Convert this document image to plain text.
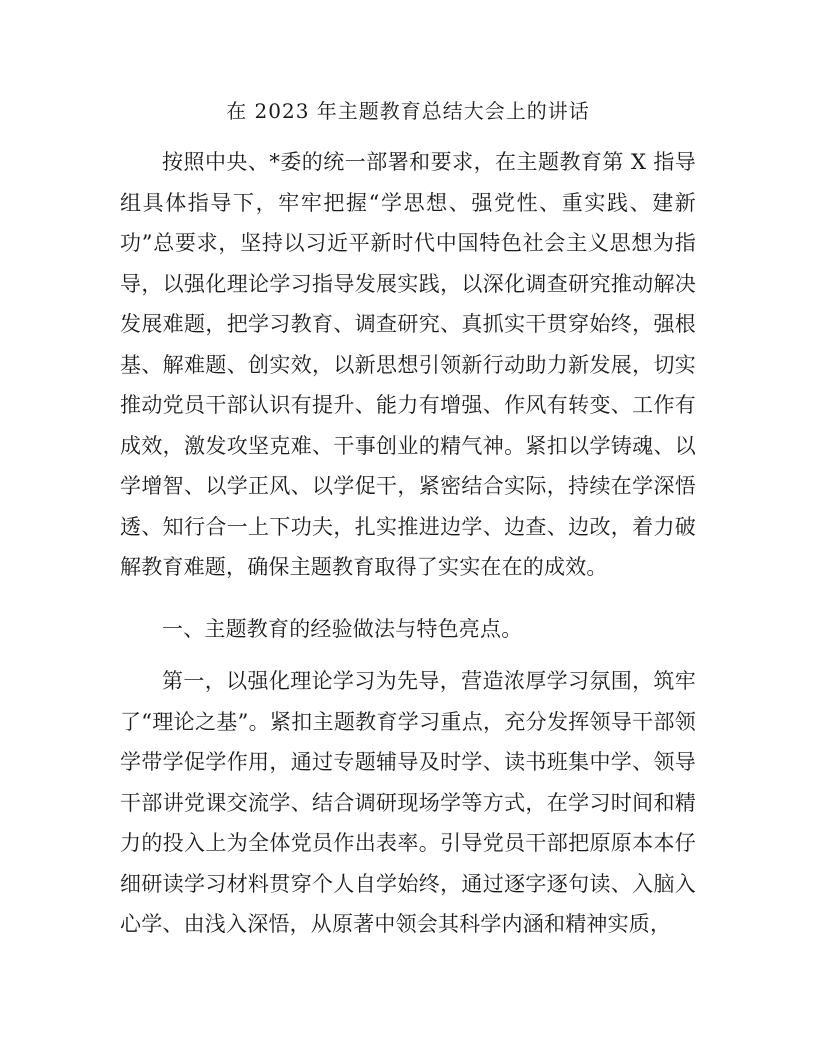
在 2023 年主题教育总结大会上的讲话

按照中央、*委的统一部署和要求，在主题教育第 X 指导组具体指导下，牢牢把握“学思想、强党性、重实践、建新功”总要求，坚持以习近平新时代中国特色社会主义思想为指导，以强化理论学习指导发展实践，以深化调查研究推动解决发展难题，把学习教育、调查研究、真抓实干贯穿始终，强根基、解难题、创实效，以新思想引领新行动助力新发展，切实推动党员干部认识有提升、能力有增强、作风有转变、工作有成效，激发攻坚克难、干事创业的精气神。紧扣以学铸魂、以学增智、以学正风、以学促干，紧密结合实际，持续在学深悟透、知行合一上下功夫，扎实推进边学、边查、边改，着力破解教育难题，确保主题教育取得了实实在在的成效。

一、主题教育的经验做法与特色亮点。

第一，以强化理论学习为先导，营造浓厚学习氛围，筑牢了“理论之基”。紧扣主题教育学习重点，充分发挥领导干部领学带学促学作用，通过专题辅导及时学、读书班集中学、领导干部讲党课交流学、结合调研现场学等方式，在学习时间和精力的投入上为全体党员作出表率。引导党员干部把原原本本仔细研读学习材料贯穿个人自学始终，通过逐字逐句读、入脑入心学、由浅入深悟，从原著中领会其科学内涵和精神实质，
